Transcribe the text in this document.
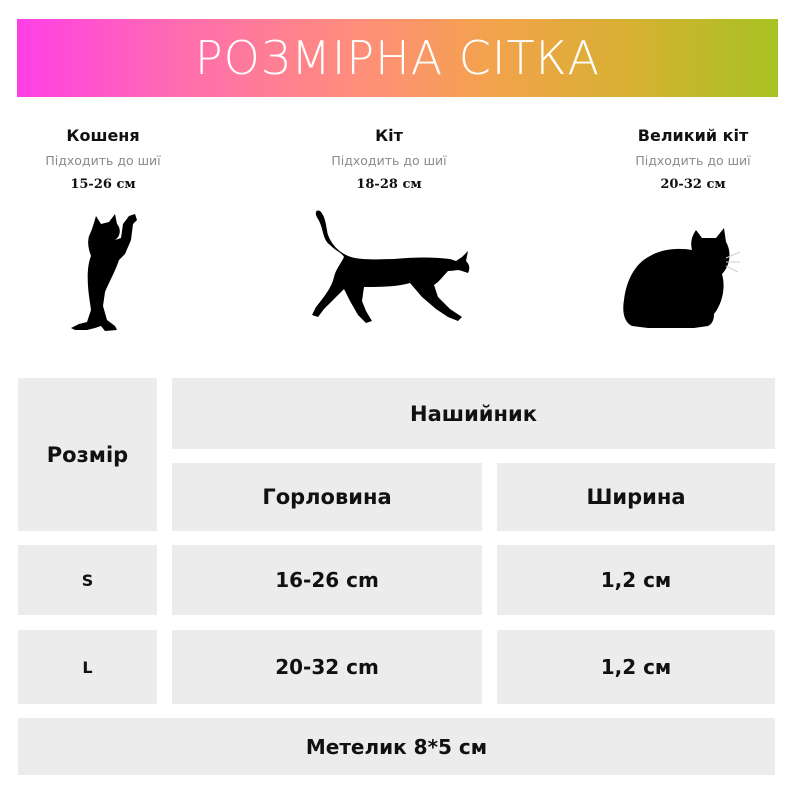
РОЗМІРНА СІТКА
Кошеня
Підходить до шиї
15-26 см
Кіт
Підходить до шиї
18-28 см
Великий кіт
Підходить до шиї
20-32 см
Розмір
Нашийник
Горловина	Ширина
S	16-26 cm	1,2 см
L	20-32 cm	1,2 см
Метелик 8*5 см
